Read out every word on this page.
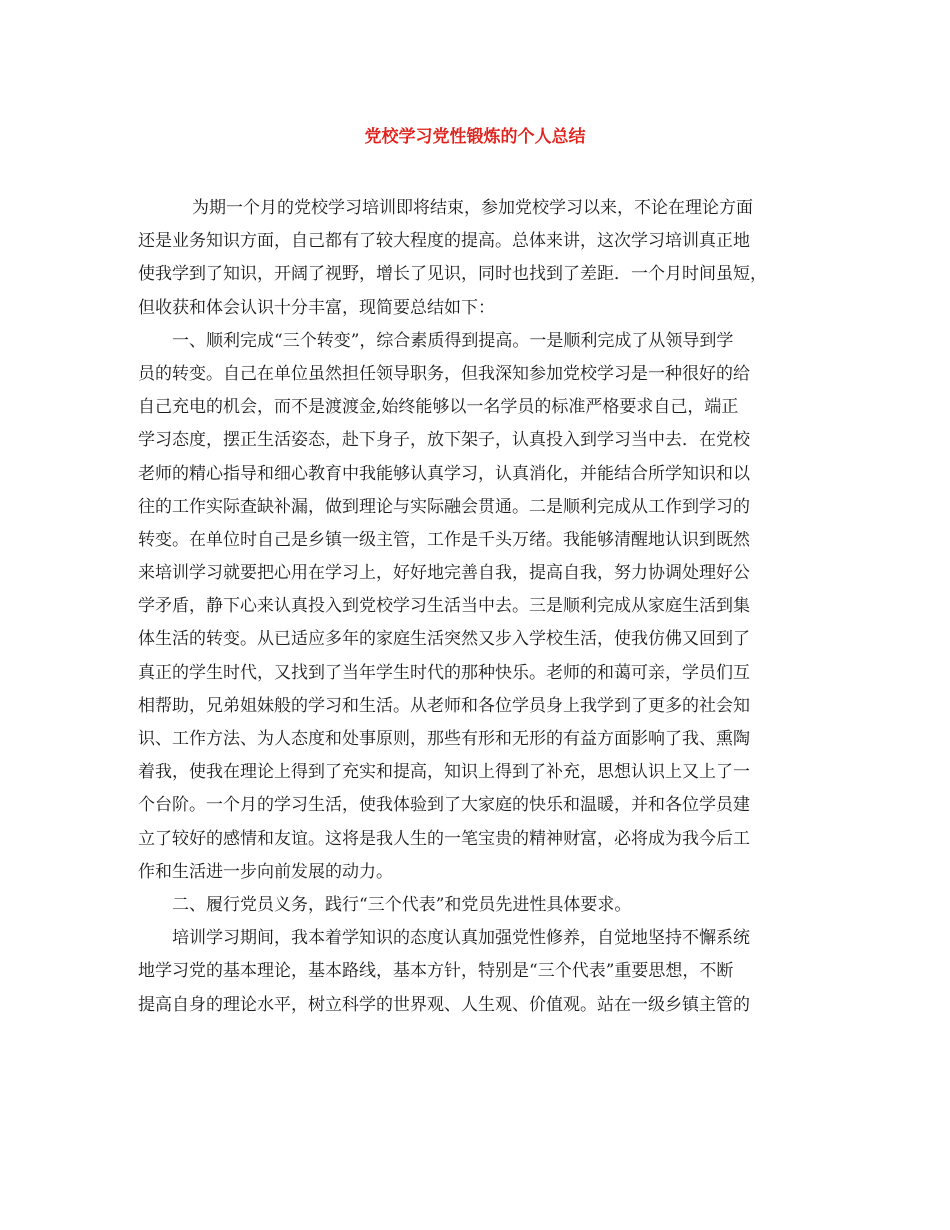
党校学习党性锻炼的个人总结
为期一个月的党校学习培训即将结束，参加党校学习以来，不论在理论方面
还是业务知识方面，自己都有了较大程度的提高。总体来讲，这次学习培训真正地
使我学到了知识，开阔了视野，增长了见识，同时也找到了差距．一个月时间虽短，
但收获和体会认识十分丰富，现简要总结如下：
一、顺利完成“三个转变”，综合素质得到提高。一是顺利完成了从领导到学
员的转变。自己在单位虽然担任领导职务，但我深知参加党校学习是一种很好的给
自己充电的机会，而不是渡渡金,始终能够以一名学员的标准严格要求自己，端正
学习态度，摆正生活姿态，赴下身子，放下架子，认真投入到学习当中去．在党校
老师的精心指导和细心教育中我能够认真学习，认真消化，并能结合所学知识和以
往的工作实际查缺补漏，做到理论与实际融会贯通。二是顺利完成从工作到学习的
转变。在单位时自己是乡镇一级主管，工作是千头万绪。我能够清醒地认识到既然
来培训学习就要把心用在学习上，好好地完善自我，提高自我，努力协调处理好公
学矛盾，静下心来认真投入到党校学习生活当中去。三是顺利完成从家庭生活到集
体生活的转变。从已适应多年的家庭生活突然又步入学校生活，使我仿佛又回到了
真正的学生时代，又找到了当年学生时代的那种快乐。老师的和蔼可亲，学员们互
相帮助，兄弟姐妹般的学习和生活。从老师和各位学员身上我学到了更多的社会知
识、工作方法、为人态度和处事原则，那些有形和无形的有益方面影响了我、熏陶
着我，使我在理论上得到了充实和提高，知识上得到了补充，思想认识上又上了一
个台阶。一个月的学习生活，使我体验到了大家庭的快乐和温暖，并和各位学员建
立了较好的感情和友谊。这将是我人生的一笔宝贵的精神财富，必将成为我今后工
作和生活进一步向前发展的动力。
二、履行党员义务，践行“三个代表”和党员先进性具体要求。
培训学习期间，我本着学知识的态度认真加强党性修养，自觉地坚持不懈系统
地学习党的基本理论，基本路线，基本方针，特别是“三个代表”重要思想，不断
提高自身的理论水平，树立科学的世界观、人生观、价值观。站在一级乡镇主管的
